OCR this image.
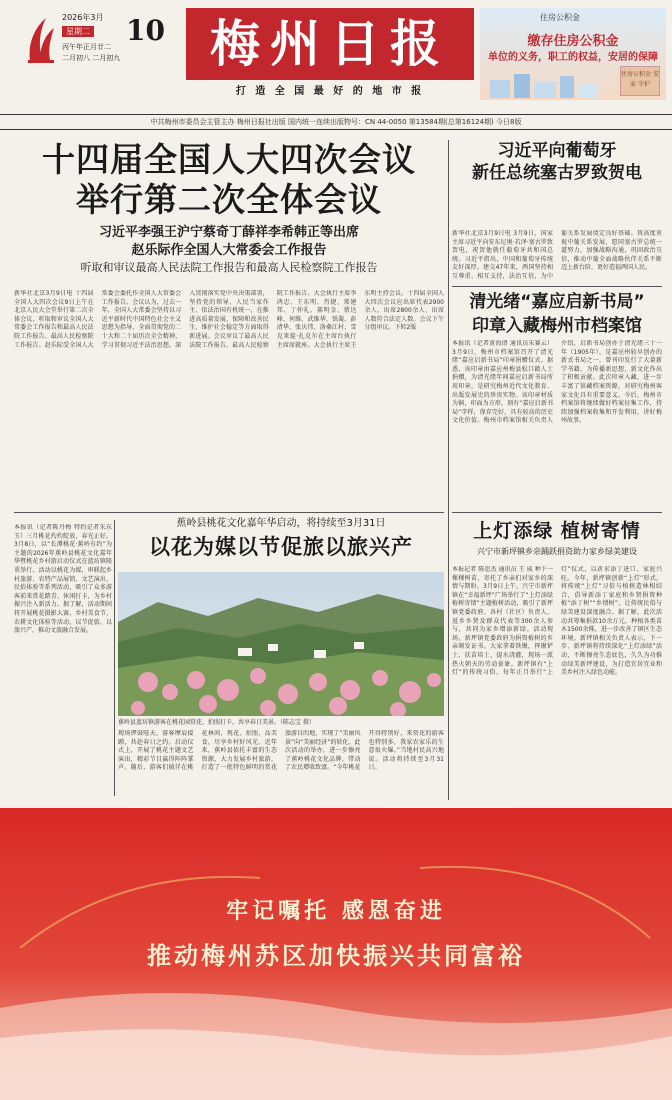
2026年3月
星期二
丙午年正月廿二
二月初八 二月初九
10 梅州日报
打 造 全 国 最 好 的 地 市 报
住房公积金
缴存住房公积金
单位的义务，职工的权益，安居的保障
住房公积金 安家 守护
中共梅州市委员会主管主办 梅州日报社出版 国内统一连续出版物号：CN 44-0050 第13584期(总第16124期) 今日8版
十四届全国人大四次会议
举行第二次全体会议
习近平李强王沪宁蔡奇丁薛祥李希韩正等出席
赵乐际作全国人大常委会工作报告
听取和审议最高人民法院工作报告和最高人民检察院工作报告
新华社北京3月9日电 十四届全国人大四次会议9日上午在北京人民大会堂举行第二次全体会议，听取和审议全国人大常委会工作报告和最高人民法院工作报告、最高人民检察院工作报告。赵乐际受全国人大常委会委托作全国人大常委会工作报告。会议认为，过去一年，全国人大常委会坚持以习近平新时代中国特色社会主义思想为指导，全面贯彻党的二十大和二十届历次全会精神，学习贯彻习近平法治思想，深入贯彻落实党中央决策部署，坚持党的领导、人民当家作主、依法治国有机统一，在推进高质量发展、保障和改善民生、维护社会稳定等方面取得新进展。会议审议了最高人民法院工作报告，最高人民检察院工作报告。大会执行主席李鸿忠、王东明、肖捷、郑建邦、丁仲礼、郝明金、蔡达峰、何维、武维华、铁凝、彭清华、张庆伟、洛桑江村、雪克来提·扎克尔在主席台执行主席席就座。大会执行主席王东明主持会议。十四届全国人大四次会议应出席代表2900余人，出席2800余人，出席人数符合法定人数。会议下午分组审议。下转2版
习近平向葡萄牙
新任总统塞古罗致贺电
新华社北京3月9日电 3月9日，国家主席习近平向安东尼奥·若泽·塞古罗致贺电，祝贺他就任葡萄牙共和国总统。习近平指出，中国和葡萄牙传统友好深厚。建交47年来，两国坚持相互尊重、相互支持，法治互信，为中葡关系发展奠定良好基础。我高度重视中葡关系发展，愿同塞古罗总统一道努力，加强战略沟通，巩固政治互信，推动中葡全面战略伙伴关系不断迈上新台阶，更好造福两国人民。
清光绪“嘉应启新书局”
印章入藏梅州市档案馆
本报讯（记者黄海清 通讯员朱赛云）3月9日，梅州市档案馆召开了清光绪“嘉应启新书局”印章捐赠仪式。据悉，该印章由嘉应州梅县松口籍人士捐赠，为清光绪年间嘉应启新书局所用印章，是研究梅州近代文化教育、出版发展史的珍贵实物。该印章材质为铜，印面为方形，刻有“嘉应启新书局”字样，保存完好，具有较高的历史文化价值。梅州市档案馆相关负责人介绍，启新书局创办于清光绪三十一年（1905年），是嘉应州较早创办的新式书局之一，曾刊印发行了大量新学书籍，为传播新思想、新文化作出了积极贡献。此次印章入藏，进一步丰富了馆藏档案资源，对研究梅州客家文化具有重要意义。今后，梅州市档案馆将继续做好档案征集工作，持续加强档案收集和开发利用，讲好梅州故事。
上灯添绿 植树寄情
兴宁市新坪镇乡亲踊跃捐资助力家乡绿美建设
本报记者 陈思杰 通讯员 王 威 种下一棵棵树苗，寄托了乡亲们对家乡的深情与期盼。3月9日上午，兴宁市新坪镇在“幸福新坪”广场举行了“上灯添绿 植树寄情”主题植树活动，吸引了新坪镇党委政府、各村（社区）负责人、返乡乡贤及群众代表等300余人参与，共同为家乡增添新绿。活动现场，新坪镇党委政府为捐资植树的乡亲颁发证书。大家拿着铁锹，挥锹铲土、扶苗培土、提水浇灌，现场一派热火朝天的劳动景象。新坪镇有“上灯”的传统习俗，每年正月举行“上灯”仪式，以祈求添丁进口、家庭兴旺。今年，新坪镇创新“上灯”形式，将传统“上灯”习俗与植树造林相结合，倡导新添丁家庭和乡贤捐资种植“添丁树”“乡情树”，让传统民俗与绿美建设深度融合。据了解，此次活动共筹集捐款10余万元，种植各类苗木1500余株，进一步改善了镇区生态环境。新坪镇相关负责人表示，下一步，新坪镇将持续深化“上灯添绿”活动，不断擦亮生态底色，久久为功推动绿美新坪建设，为打造宜居宜业和美乡村注入绿色动能。
本报讯（记者陈丹梅 特约记者朱东玉）三月桃花灼灼绽放，春光正好。3月8日，以“长潭桃花·蕉岭有约”为主题的2026年蕉岭县桃花文化嘉年华暨桃花乡村游启动仪式在蓝坊镇隆重举行。活动以桃花为媒，串联起乡村旅游、农特产品展销、文艺演出、民俗体验等系列活动，吸引了众多游客前来赏花踏青、休闲打卡，为乡村振兴注入新活力。据了解，活动期间将开展桃花摄影大赛、乡村美食节、农耕文化体验等活动，以节促旅、以旅兴产，推动文旅融合发展。
蕉岭县桃花文化嘉年华启动，将持续至3月31日
以花为媒以节促旅以旅兴产
蕉岭县蓝坊镇游客在桃花园赏花、拍照打卡，共享春日美景。（陈志宝 摄）
现场锣鼓喧天，游客摩肩接踵，共赴春日之约。启动仪式上，开展了桃花主题文艺演出，精彩节目赢得阵阵掌声。随后，游客们徜徉在桃花林间，观花、拍照、品美食，尽享乡村好风光。近年来，蕉岭县依托丰富的生态资源，大力发展乡村旅游，打造了一批特色鲜明的赏花旅游目的地，实现了“美丽风景”向“美丽经济”的转化。此次活动的举办，进一步擦亮了蕉岭桃花文化品牌，带动了农民增收致富。“今年桃花开得特别好，来赏花的游客也特别多，我家农家乐的生意很火爆。”当地村民高兴地说。活动将持续至3月31日。
牢记嘱托 感恩奋进
推动梅州苏区加快振兴共同富裕
